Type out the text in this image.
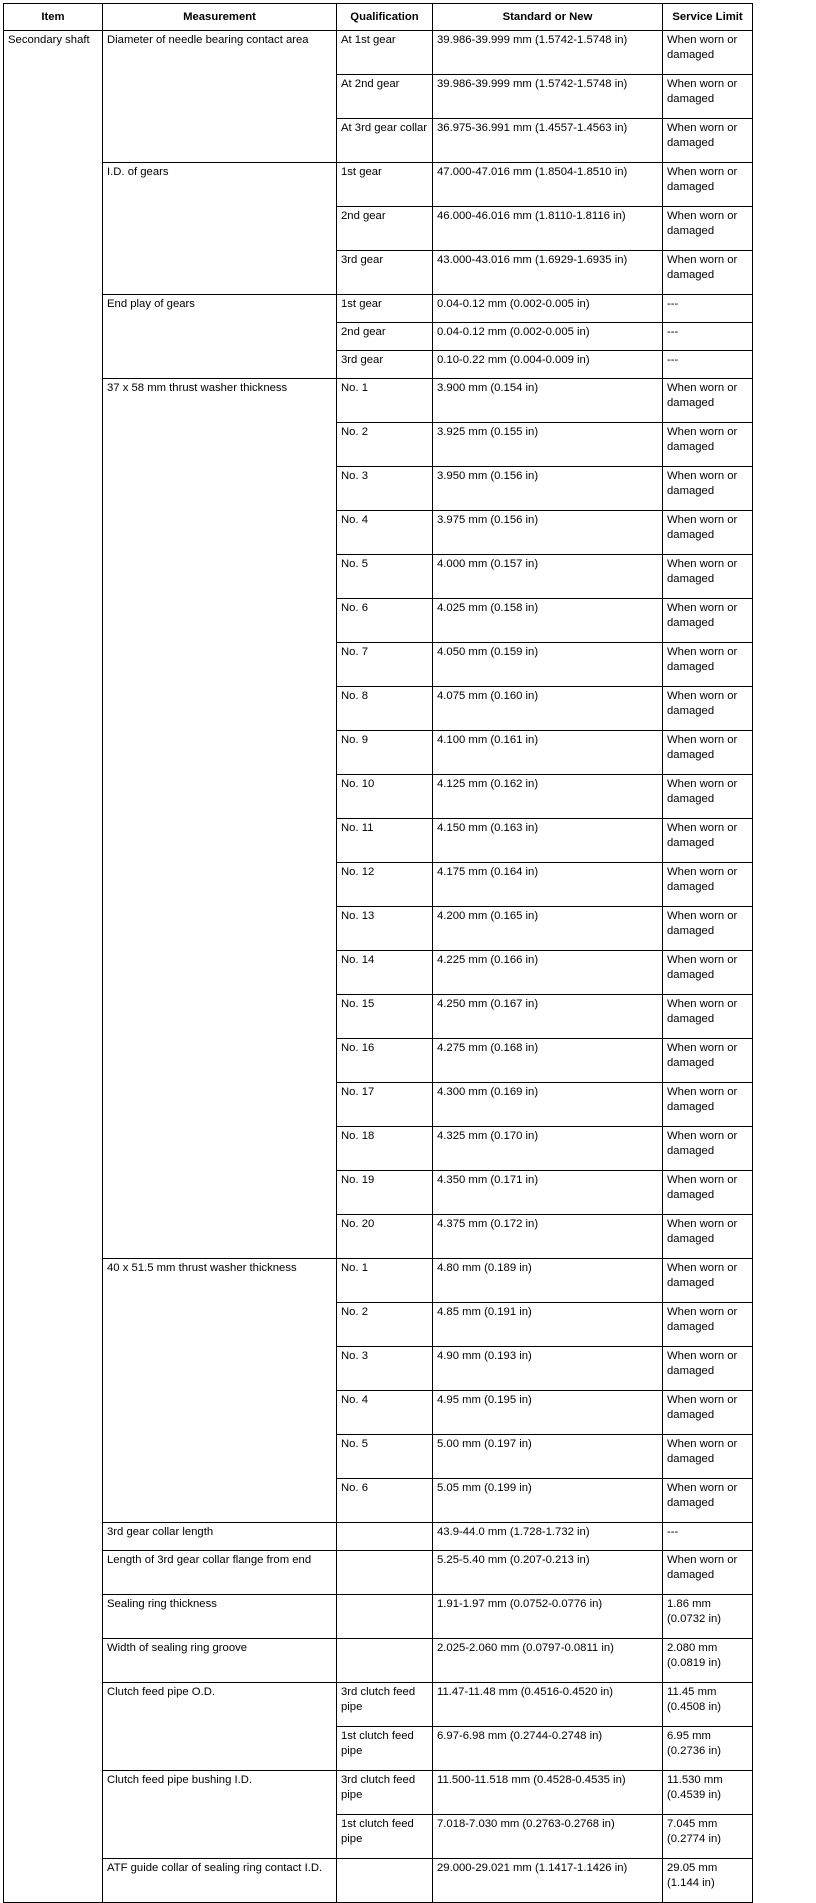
Item	Measurement	Qualification	Standard or New	Service Limit
Secondary shaft	Diameter of needle bearing contact area	At 1st gear	39.986-39.999 mm (1.5742-1.5748 in)	When worn or damaged
		At 2nd gear	39.986-39.999 mm (1.5742-1.5748 in)	When worn or damaged
		At 3rd gear collar	36.975-36.991 mm (1.4557-1.4563 in)	When worn or damaged
	I.D. of gears	1st gear	47.000-47.016 mm (1.8504-1.8510 in)	When worn or damaged
		2nd gear	46.000-46.016 mm (1.8110-1.8116 in)	When worn or damaged
		3rd gear	43.000-43.016 mm (1.6929-1.6935 in)	When worn or damaged
	End play of gears	1st gear	0.04-0.12 mm (0.002-0.005 in)	---
		2nd gear	0.04-0.12 mm (0.002-0.005 in)	---
		3rd gear	0.10-0.22 mm (0.004-0.009 in)	---
	37 x 58 mm thrust washer thickness	No. 1	3.900 mm (0.154 in)	When worn or damaged
		No. 2	3.925 mm (0.155 in)	When worn or damaged
		No. 3	3.950 mm (0.156 in)	When worn or damaged
		No. 4	3.975 mm (0.156 in)	When worn or damaged
		No. 5	4.000 mm (0.157 in)	When worn or damaged
		No. 6	4.025 mm (0.158 in)	When worn or damaged
		No. 7	4.050 mm (0.159 in)	When worn or damaged
		No. 8	4.075 mm (0.160 in)	When worn or damaged
		No. 9	4.100 mm (0.161 in)	When worn or damaged
		No. 10	4.125 mm (0.162 in)	When worn or damaged
		No. 11	4.150 mm (0.163 in)	When worn or damaged
		No. 12	4.175 mm (0.164 in)	When worn or damaged
		No. 13	4.200 mm (0.165 in)	When worn or damaged
		No. 14	4.225 mm (0.166 in)	When worn or damaged
		No. 15	4.250 mm (0.167 in)	When worn or damaged
		No. 16	4.275 mm (0.168 in)	When worn or damaged
		No. 17	4.300 mm (0.169 in)	When worn or damaged
		No. 18	4.325 mm (0.170 in)	When worn or damaged
		No. 19	4.350 mm (0.171 in)	When worn or damaged
		No. 20	4.375 mm (0.172 in)	When worn or damaged
	40 x 51.5 mm thrust washer thickness	No. 1	4.80 mm (0.189 in)	When worn or damaged
		No. 2	4.85 mm (0.191 in)	When worn or damaged
		No. 3	4.90 mm (0.193 in)	When worn or damaged
		No. 4	4.95 mm (0.195 in)	When worn or damaged
		No. 5	5.00 mm (0.197 in)	When worn or damaged
		No. 6	5.05 mm (0.199 in)	When worn or damaged
	3rd gear collar length		43.9-44.0 mm (1.728-1.732 in)	---
	Length of 3rd gear collar flange from end		5.25-5.40 mm (0.207-0.213 in)	When worn or damaged
	Sealing ring thickness		1.91-1.97 mm (0.0752-0.0776 in)	1.86 mm (0.0732 in)
	Width of sealing ring groove		2.025-2.060 mm (0.0797-0.0811 in)	2.080 mm (0.0819 in)
	Clutch feed pipe O.D.	3rd clutch feed pipe	11.47-11.48 mm (0.4516-0.4520 in)	11.45 mm (0.4508 in)
		1st clutch feed pipe	6.97-6.98 mm (0.2744-0.2748 in)	6.95 mm (0.2736 in)
	Clutch feed pipe bushing I.D.	3rd clutch feed pipe	11.500-11.518 mm (0.4528-0.4535 in)	11.530 mm (0.4539 in)
		1st clutch feed pipe	7.018-7.030 mm (0.2763-0.2768 in)	7.045 mm (0.2774 in)
	ATF guide collar of sealing ring contact I.D.		29.000-29.021 mm (1.1417-1.1426 in)	29.05 mm (1.144 in)
